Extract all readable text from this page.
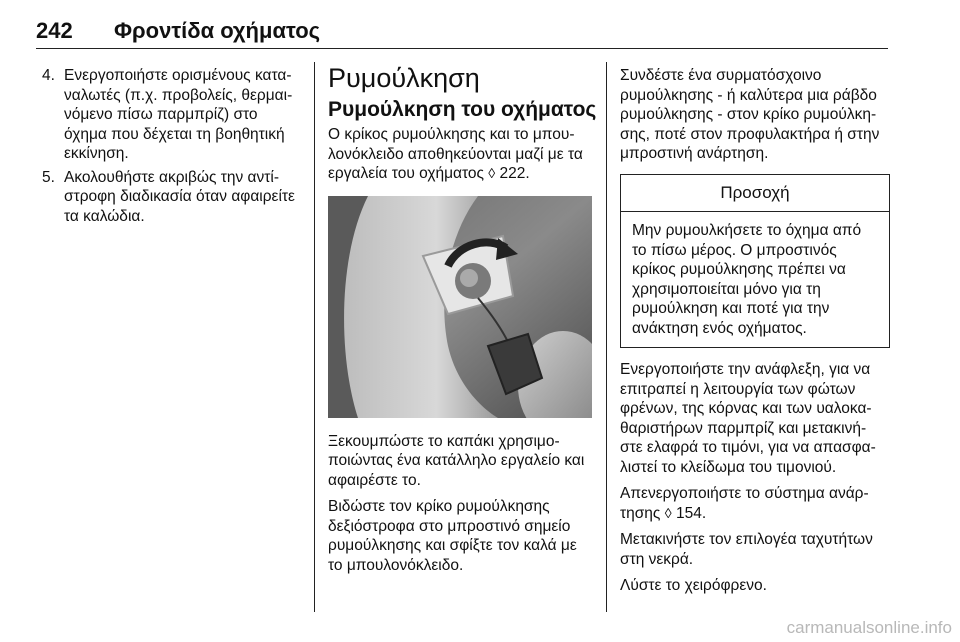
242 Φροντίδα οχήματος
4. Ενεργοποιήστε ορισμένους κατα-
ναλωτές (π.χ. προβολείς, θερμαι-
νόμενο πίσω παρμπρίζ) στο
όχημα που δέχεται τη βοηθητική
εκκίνηση.
5. Ακολουθήστε ακριβώς την αντί-
στροφη διαδικασία όταν αφαιρείτε
τα καλώδια.
Ρυμούλκηση
Ρυμούλκηση του οχήματος

Ο κρίκος ρυμούλκησης και το μπου-
λονόκλειδο αποθηκεύονται μαζί με τα
εργαλεία του οχήματος ◊ 222.

Ξεκουμπώστε το καπάκι χρησιμο-
ποιώντας ένα κατάλληλο εργαλείο και
αφαιρέστε το.

Βιδώστε τον κρίκο ρυμούλκησης
δεξιόστροφα στο μπροστινό σημείο
ρυμούλκησης και σφίξτε τον καλά με
το μπουλονόκλειδο.

Συνδέστε ένα συρματόσχοινο
ρυμούλκησης - ή καλύτερα μια ράβδο
ρυμούλκησης - στον κρίκο ρυμούλκη-
σης, ποτέ στον προφυλακτήρα ή στην
μπροστινή ανάρτηση.

Προσοχή
Μην ρυμουλκήσετε το όχημα από
το πίσω μέρος. Ο μπροστινός
κρίκος ρυμούλκησης πρέπει να
χρησιμοποιείται μόνο για τη
ρυμούλκηση και ποτέ για την
ανάκτηση ενός οχήματος.

Ενεργοποιήστε την ανάφλεξη, για να
επιτραπεί η λειτουργία των φώτων
φρένων, της κόρνας και των υαλοκα-
θαριστήρων παρμπρίζ και μετακινή-
στε ελαφρά το τιμόνι, για να απασφα-
λιστεί το κλείδωμα του τιμονιού.

Απενεργοποιήστε το σύστημα ανάρ-
τησης ◊ 154.

Μετακινήστε τον επιλογέα ταχυτήτων
στη νεκρά.

Λύστε το χειρόφρενο.

carmanualsonline.info
